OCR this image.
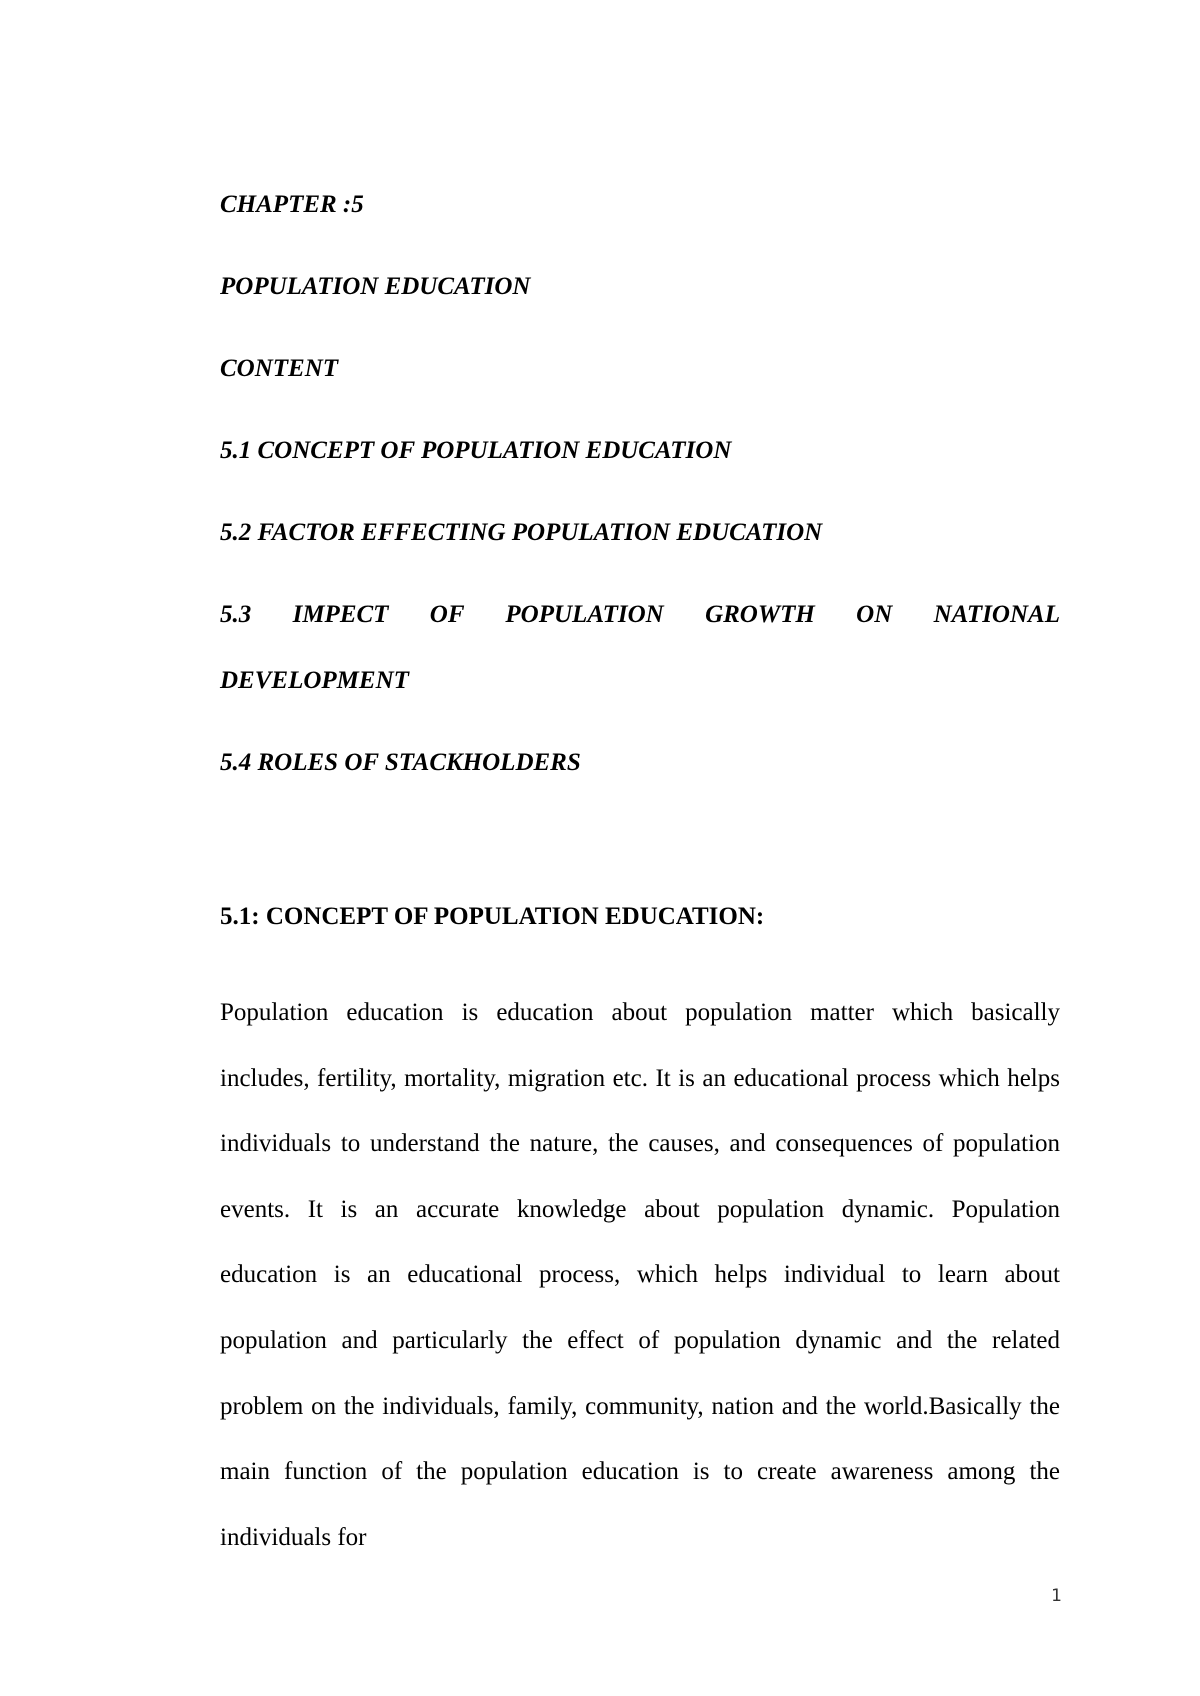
CHAPTER :5

POPULATION EDUCATION

CONTENT

5.1 CONCEPT OF POPULATION EDUCATION

5.2 FACTOR EFFECTING POPULATION EDUCATION

5.3 IMPECT OF POPULATION GROWTH ON NATIONAL

DEVELOPMENT

5.4 ROLES OF STACKHOLDERS

5.1: CONCEPT OF POPULATION EDUCATION:

Population education is education about population matter which basically includes, fertility, mortality, migration etc. It is an educational process which helps individuals to understand the nature, the causes, and consequences of population events. It is an accurate knowledge about population dynamic. Population education is an educational process, which helps individual to learn about population and particularly the effect of population dynamic and the related problem on the individuals, family, community, nation and the world.Basically the main function of the population education is to create awareness among the individuals for

1
